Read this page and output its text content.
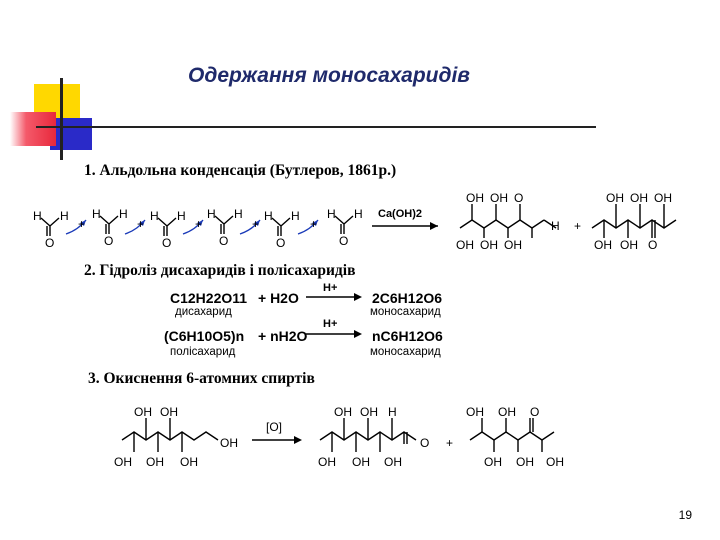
Одержання моносахаридів
1. Альдольна конденсація (Бутлеров, 1861р.)
H H
O
H H
O
H H
O
H H
O
H H
O
H H
O
+	+	+	+	+
OH OH O
H
OH OH OH
+
OH OH OH
OH OH O
Ca(OH)2
2. Гідроліз дисахаридів і полісахаридів
C12H22O11 + H2O
H+
2C6H12O6
дисахарид	моносахарид
(C6H10O5)n + nH2O
H+
nC6H12O6
полісахарид	моносахарид
3. Окиснення 6-атомних спиртів
OH OH
OH
OH OH OH
OH OH H
O
OH OH OH
+
OH OH O
OH OH OH
[O]
19
